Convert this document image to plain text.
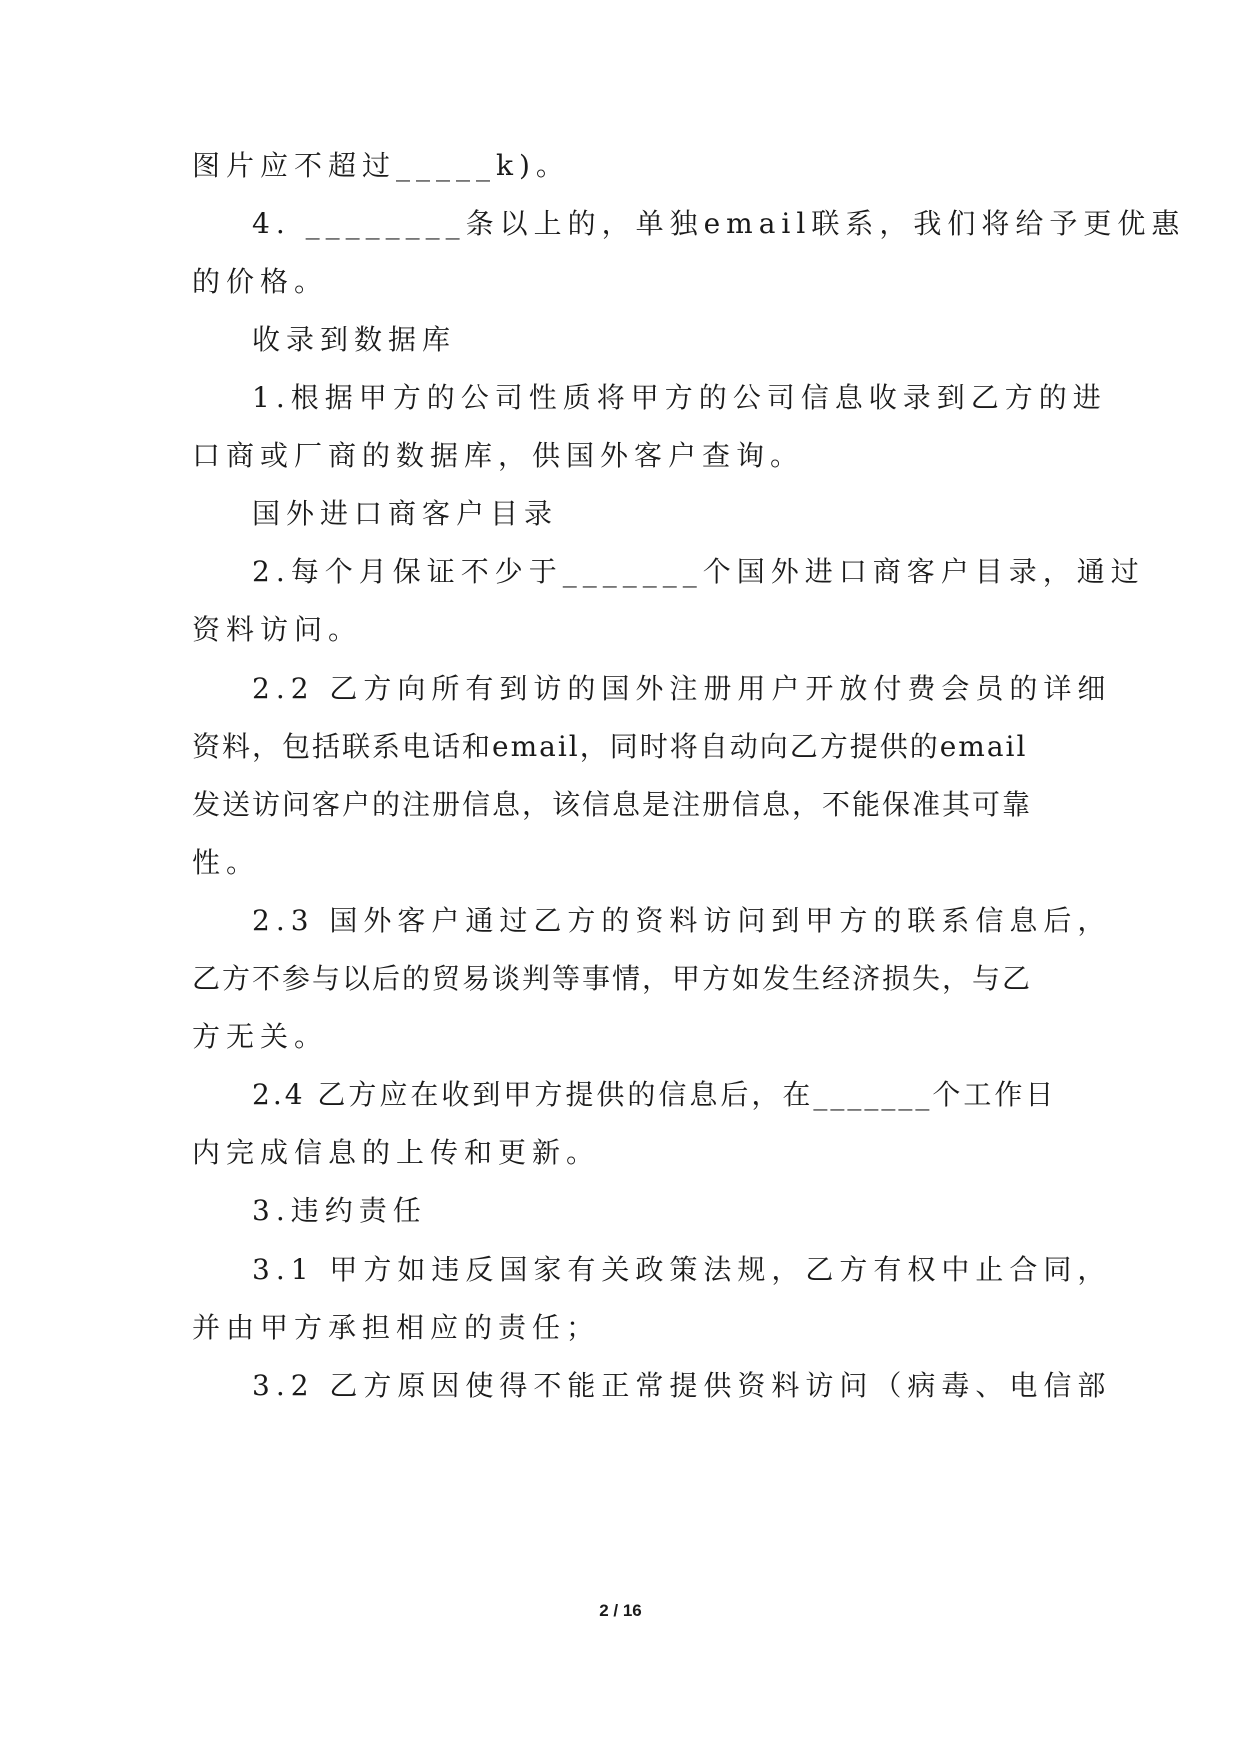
图片应不超过_____k)。
4. ________条以上的，单独email联系，我们将给予更优惠
的价格。
收录到数据库
1.根据甲方的公司性质将甲方的公司信息收录到乙方的进
口商或厂商的数据库，供国外客户查询。
国外进口商客户目录
2.每个月保证不少于_______个国外进口商客户目录，通过
资料访问。
2.2 乙方向所有到访的国外注册用户开放付费会员的详细
资料，包括联系电话和email，同时将自动向乙方提供的email
发送访问客户的注册信息，该信息是注册信息，不能保准其可靠
性。
2.3 国外客户通过乙方的资料访问到甲方的联系信息后，
乙方不参与以后的贸易谈判等事情，甲方如发生经济损失，与乙
方无关。
2.4 乙方应在收到甲方提供的信息后，在_______个工作日
内完成信息的上传和更新。
3.违约责任
3.1 甲方如违反国家有关政策法规，乙方有权中止合同，
并由甲方承担相应的责任；
3.2 乙方原因使得不能正常提供资料访问（病毒、电信部
2 / 16
